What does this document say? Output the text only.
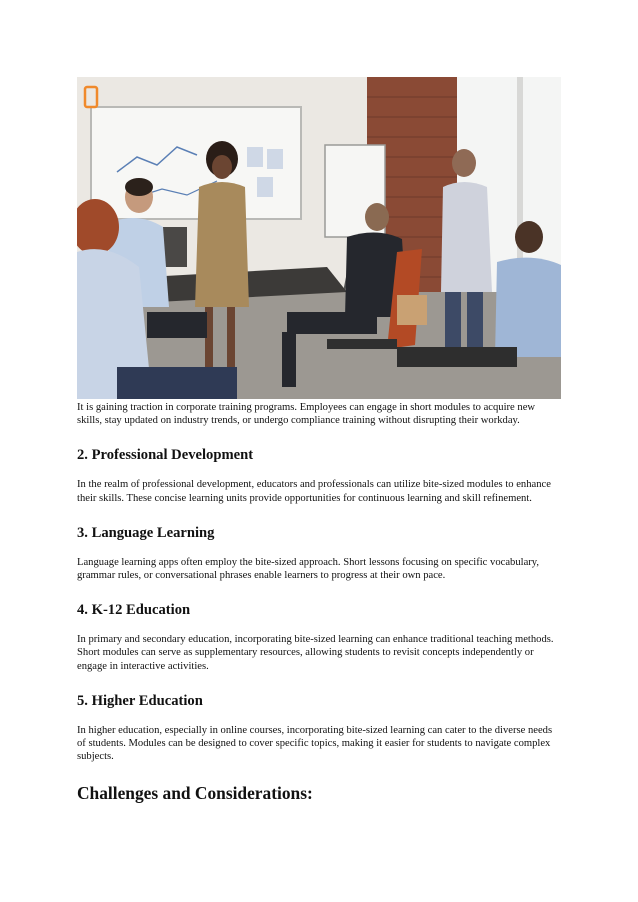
It is gaining traction in corporate training programs. Employees can engage in short modules to acquire new skills, stay updated on industry trends, or undergo compliance training without disrupting their workday.

2. Professional Development

In the realm of professional development, educators and professionals can utilize bite-sized modules to enhance their skills. These concise learning units provide opportunities for continuous learning and skill refinement.

3. Language Learning

Language learning apps often employ the bite-sized approach. Short lessons focusing on specific vocabulary, grammar rules, or conversational phrases enable learners to progress at their own pace.

4. K-12 Education

In primary and secondary education, incorporating bite-sized learning can enhance traditional teaching methods. Short modules can serve as supplementary resources, allowing students to revisit concepts independently or engage in interactive activities.

5. Higher Education

In higher education, especially in online courses, incorporating bite-sized learning can cater to the diverse needs of students. Modules can be designed to cover specific topics, making it easier for students to navigate complex subjects.

Challenges and Considerations:
